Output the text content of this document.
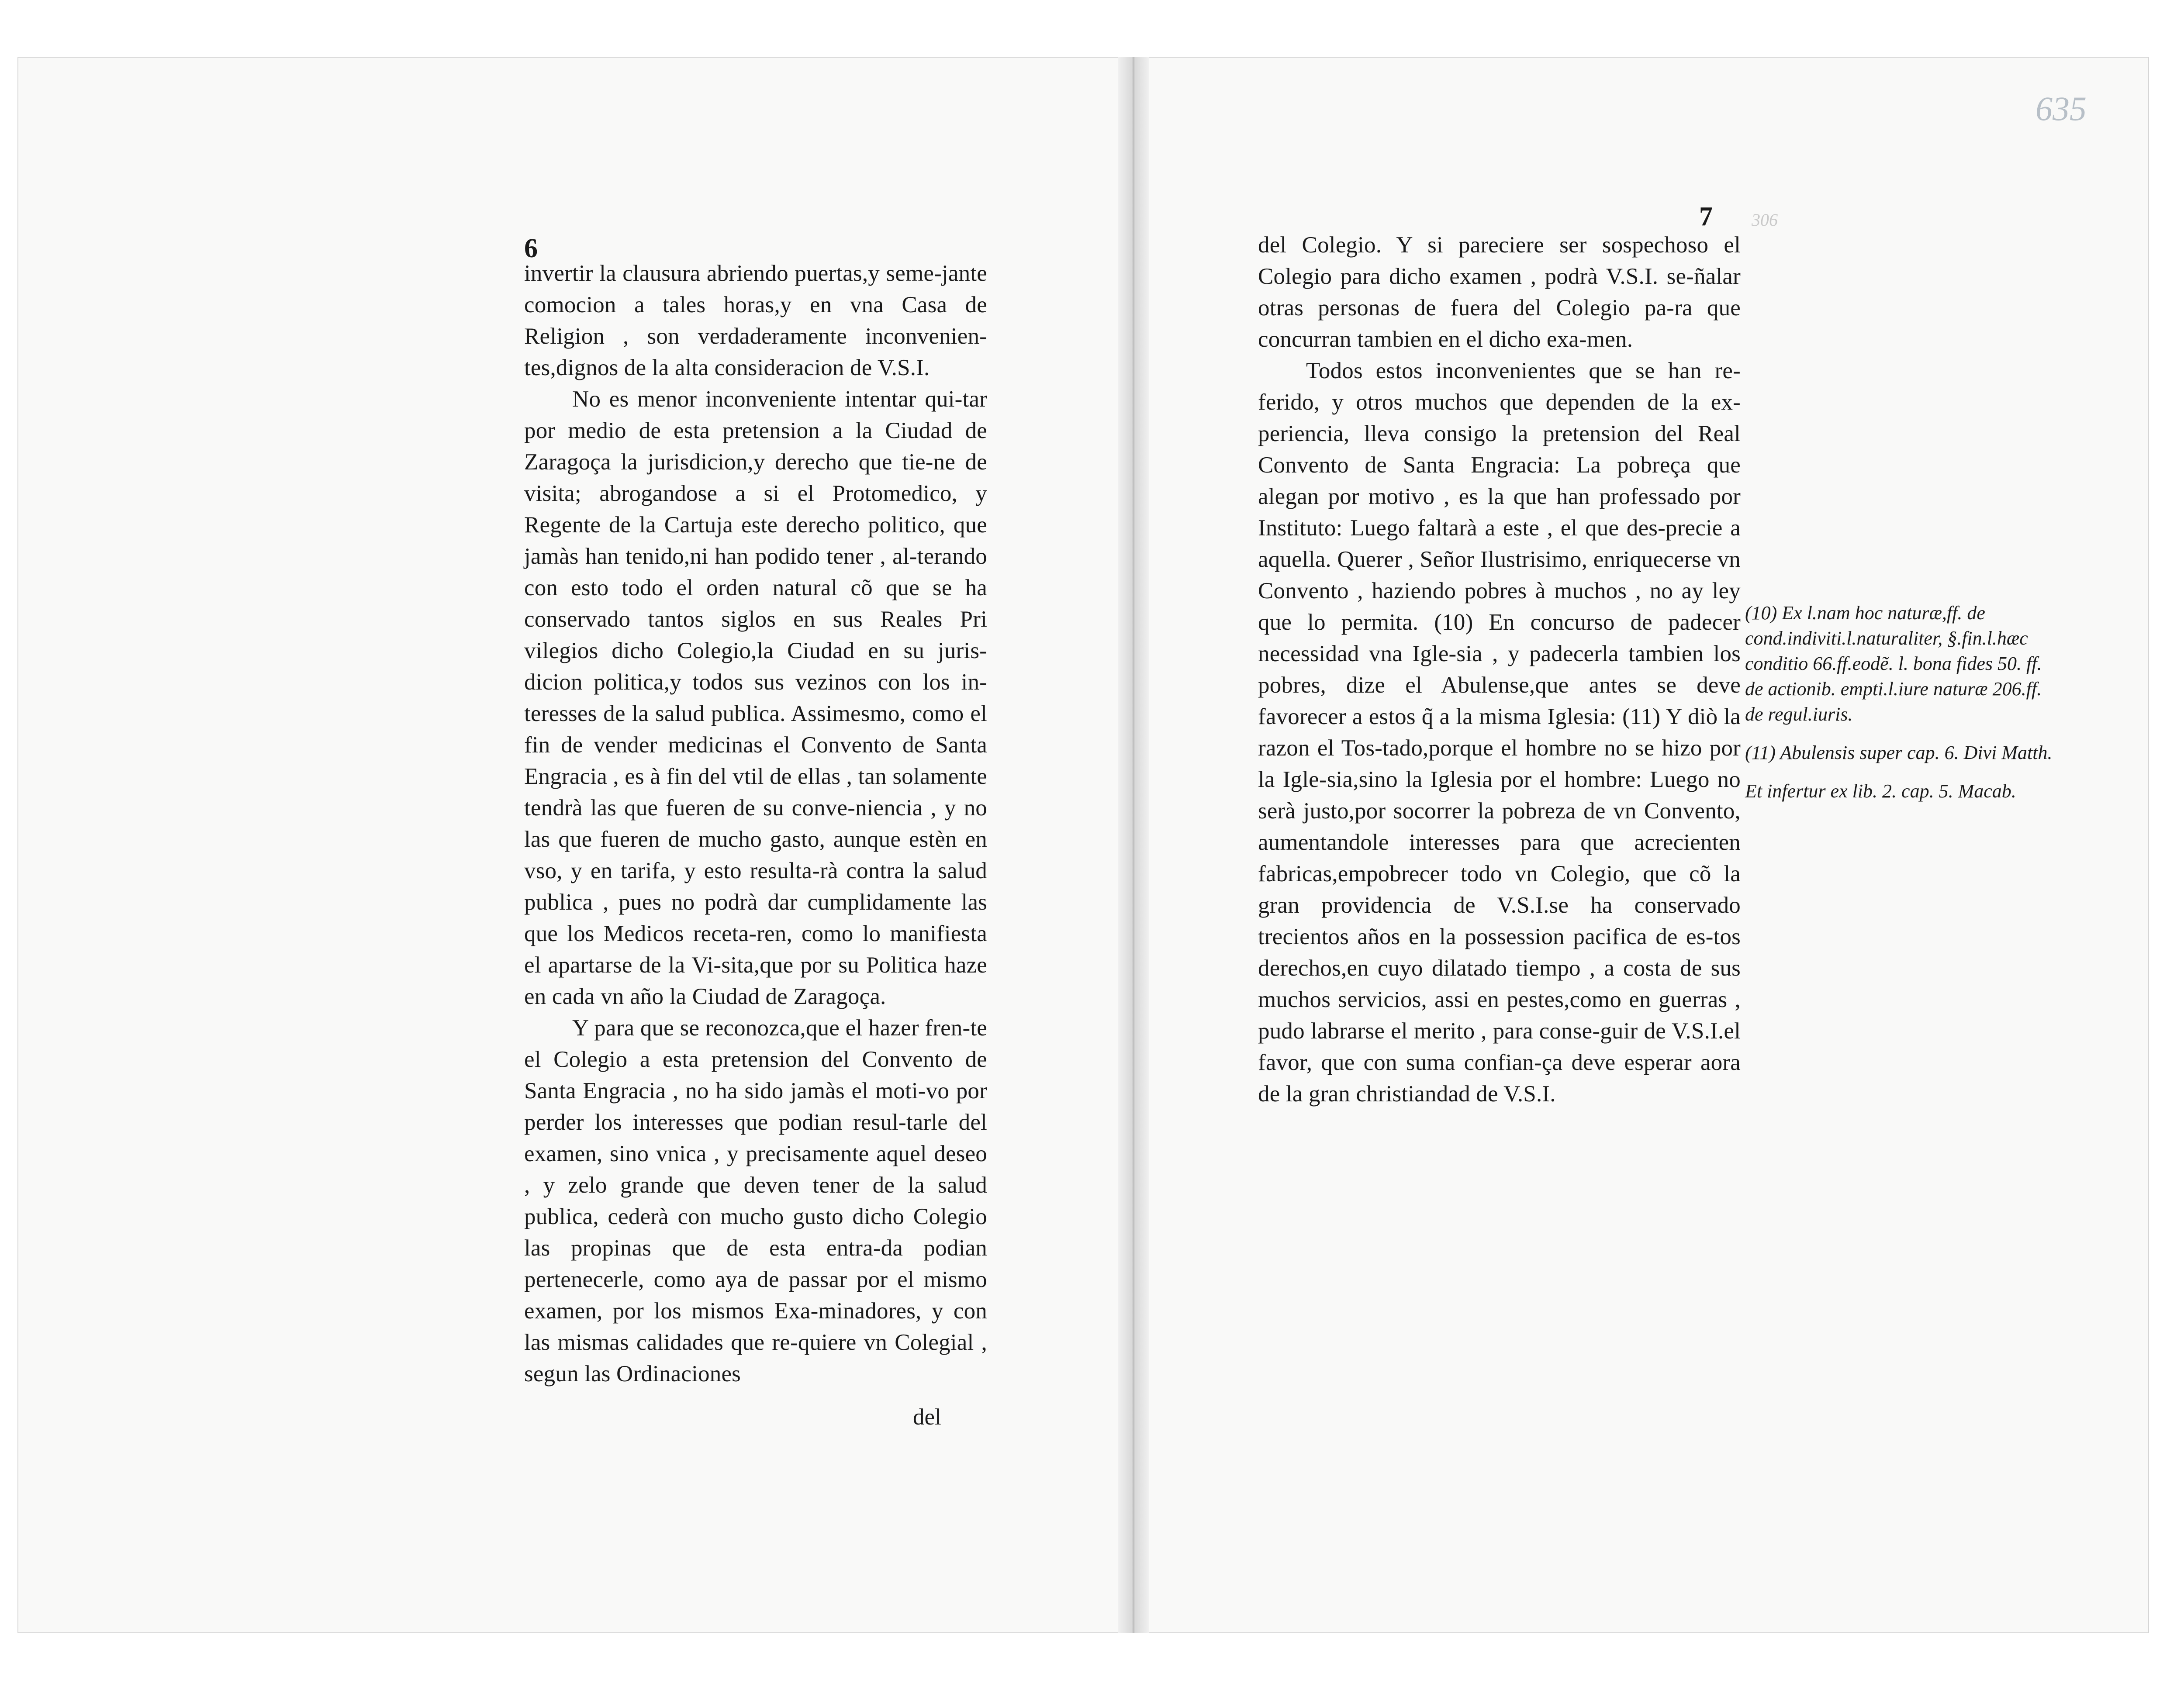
6

invertir la clausura abriendo puertas,y seme-jante comocion a tales horas,y en vna Casa de Religion , son verdaderamente inconvenien-tes,dignos de la alta consideracion de V.S.I.

No es menor inconveniente intentar qui-tar por medio de esta pretension a la Ciudad de Zaragoça la jurisdicion,y derecho que tie-ne de visita; abrogandose a si el Protomedico, y Regente de la Cartuja este derecho politico, que jamàs han tenido,ni han podido tener , al-terando con esto todo el orden natural cõ que se ha conservado tantos siglos en sus Reales Pri vilegios dicho Colegio,la Ciudad en su juris-dicion politica,y todos sus vezinos con los in-teresses de la salud publica. Assimesmo, como el fin de vender medicinas el Convento de Santa Engracia , es à fin del vtil de ellas , tan solamente tendrà las que fueren de su conve-niencia , y no las que fueren de mucho gasto, aunque estèn en vso, y en tarifa, y esto resulta-rà contra la salud publica , pues no podrà dar cumplidamente las que los Medicos receta-ren, como lo manifiesta el apartarse de la Vi-sita,que por su Politica haze en cada vn año la Ciudad de Zaragoça.

Y para que se reconozca,que el hazer fren-te el Colegio a esta pretension del Convento de Santa Engracia , no ha sido jamàs el moti-vo por perder los interesses que podian resul-tarle del examen, sino vnica , y precisamente aquel deseo , y zelo grande que deven tener de la salud publica, cederà con mucho gusto dicho Colegio las propinas que de esta entra-da podian pertenecerle, como aya de passar por el mismo examen, por los mismos Exa-minadores, y con las mismas calidades que re-quiere vn Colegial , segun las Ordinaciones

del
635
7 306

del Colegio. Y si pareciere ser sospechoso el Colegio para dicho examen , podrà V.S.I. se-ñalar otras personas de fuera del Colegio pa-ra que concurran tambien en el dicho exa-men.

Todos estos inconvenientes que se han re-ferido, y otros muchos que dependen de la ex-periencia, lleva consigo la pretension del Real Convento de Santa Engracia: La pobreça que alegan por motivo , es la que han professado por Instituto: Luego faltarà a este , el que des-precie a aquella. Querer , Señor Ilustrisimo, enriquecerse vn Convento , haziendo pobres à muchos , no ay ley que lo permita. (10) En concurso de padecer necessidad vna Igle-sia , y padecerla tambien los pobres, dize el Abulense,que antes se deve favorecer a estos q̃ a la misma Iglesia: (11) Y diò la razon el Tos-tado,porque el hombre no se hizo por la Igle-sia,sino la Iglesia por el hombre: Luego no serà justo,por socorrer la pobreza de vn Convento, aumentandole interesses para que acrecienten fabricas,empobrecer todo vn Colegio, que cõ la gran providencia de V.S.I.se ha conservado trecientos años en la possession pacifica de es-tos derechos,en cuyo dilatado tiempo , a costa de sus muchos servicios, assi en pestes,como en guerras , pudo labrarse el merito , para conse-guir de V.S.I.el favor, que con suma confian-ça deve esperar aora de la gran christiandad de V.S.I.

(10) Ex l.nam hoc naturæ,ff. de cond.indiviti.l.naturaliter, §.fin.l.hæc conditio 66.ff.eodẽ. l. bona fides 50. ff. de actionib. empti.l.iure naturæ 206.ff. de regul.iuris.

(11) Abulensis super cap. 6. Divi Matth.

Et infertur ex lib. 2. cap. 5. Macab.
